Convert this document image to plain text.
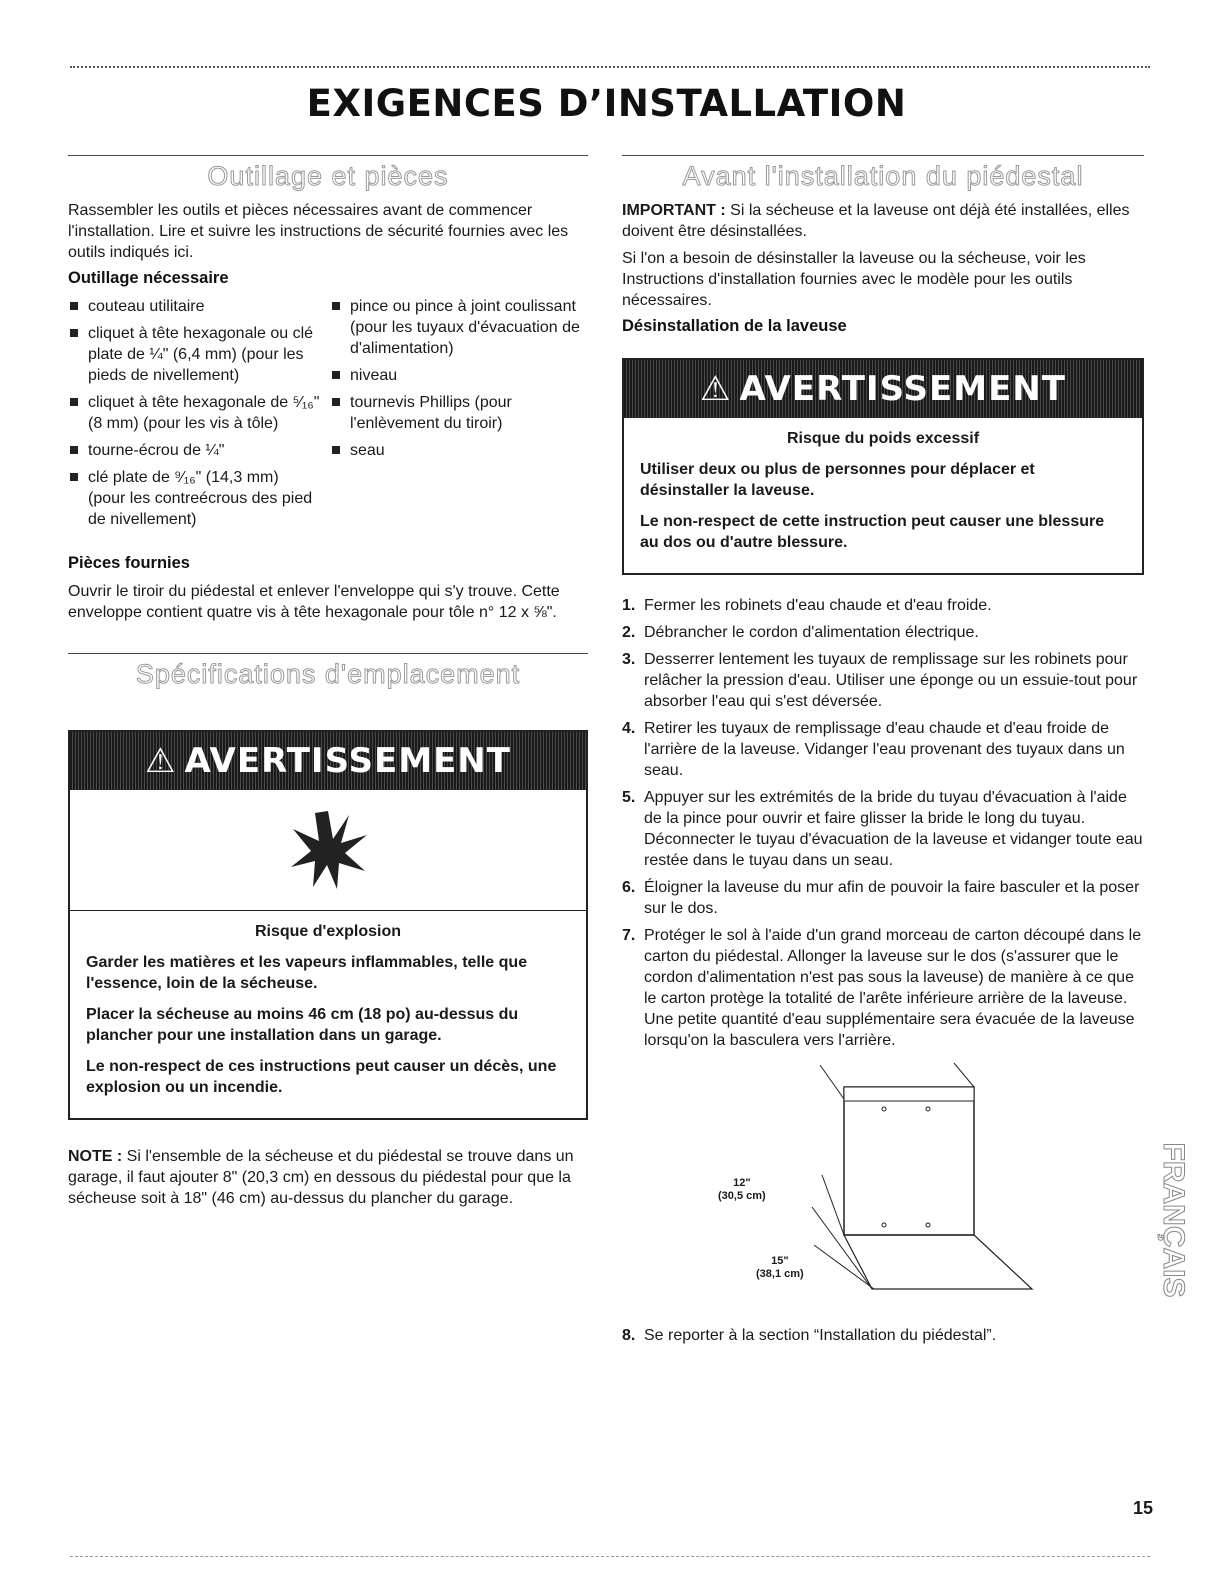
EXIGENCES D’INSTALLATION
Outillage et pièces

Rassembler les outils et pièces nécessaires avant de commencer l'installation. Lire et suivre les instructions de sécurité fournies avec les outils indiqués ici.

Outillage nécessaire
couteau utilitaire
cliquet à tête hexagonale ou clé plate de ¼" (6,4 mm) (pour les pieds de nivellement)
cliquet à tête hexagonale de ⁵⁄₁₆" (8 mm) (pour les vis à tôle)
tourne-écrou de ¼"
clé plate de ⁹⁄₁₆" (14,3 mm) (pour les contreécrous des pied de nivellement)
pince ou pince à joint coulissant (pour les tuyaux d'évacuation de d'alimentation)
niveau
tournevis Phillips (pour l'enlèvement du tiroir)
seau
Pièces fournies

Ouvrir le tiroir du piédestal et enlever l'enveloppe qui s'y trouve. Cette enveloppe contient quatre vis à tête hexagonale pour tôle n° 12 x ⅝".

Spécifications d'emplacement
⚠ AVERTISSEMENT
Risque d'explosion
Garder les matières et les vapeurs inflammables, telle que l'essence, loin de la sécheuse.
Placer la sécheuse au moins 46 cm (18 po) au-dessus du plancher pour une installation dans un garage.
Le non-respect de ces instructions peut causer un décès, une explosion ou un incendie.

NOTE : Si l'ensemble de la sécheuse et du piédestal se trouve dans un garage, il faut ajouter 8" (20,3 cm) en dessous du piédestal pour que la sécheuse soit à 18" (46 cm) au-dessus du plancher du garage.

Avant l'installation du piédestal

IMPORTANT : Si la sécheuse et la laveuse ont déjà été installées, elles doivent être désinstallées.

Si l'on a besoin de désinstaller la laveuse ou la sécheuse, voir les Instructions d'installation fournies avec le modèle pour les outils nécessaires.

Désinstallation de la laveuse
⚠ AVERTISSEMENT
Risque du poids excessif
Utiliser deux ou plus de personnes pour déplacer et désinstaller la laveuse.
Le non-respect de cette instruction peut causer une blessure au dos ou d'autre blessure.
1. Fermer les robinets d'eau chaude et d'eau froide.
2. Débrancher le cordon d'alimentation électrique.
3. Desserrer lentement les tuyaux de remplissage sur les robinets pour relâcher la pression d'eau. Utiliser une éponge ou un essuie-tout pour absorber l'eau qui s'est déversée.
4. Retirer les tuyaux de remplissage d'eau chaude et d'eau froide de l'arrière de la laveuse. Vidanger l'eau provenant des tuyaux dans un seau.
5. Appuyer sur les extrémités de la bride du tuyau d'évacuation à l'aide de la pince pour ouvrir et faire glisser la bride le long du tuyau. Déconnecter le tuyau d'évacuation de la laveuse et vidanger toute eau restée dans le tuyau dans un seau.
6. Éloigner la laveuse du mur afin de pouvoir la faire basculer et la poser sur le dos.
7. Protéger le sol à l'aide d'un grand morceau de carton découpé dans le carton du piédestal. Allonger la laveuse sur le dos (s'assurer que le cordon d'alimentation n'est pas sous la laveuse) de manière à ce que le carton protège la totalité de l'arête inférieure arrière de la laveuse. Une petite quantité d'eau supplémentaire sera évacuée de la laveuse lorsqu'on la basculera vers l'arrière.
12"
(30,5 cm)
15"
(38,1 cm)
8. Se reporter à la section “Installation du piédestal”.
FRANÇAIS
15
